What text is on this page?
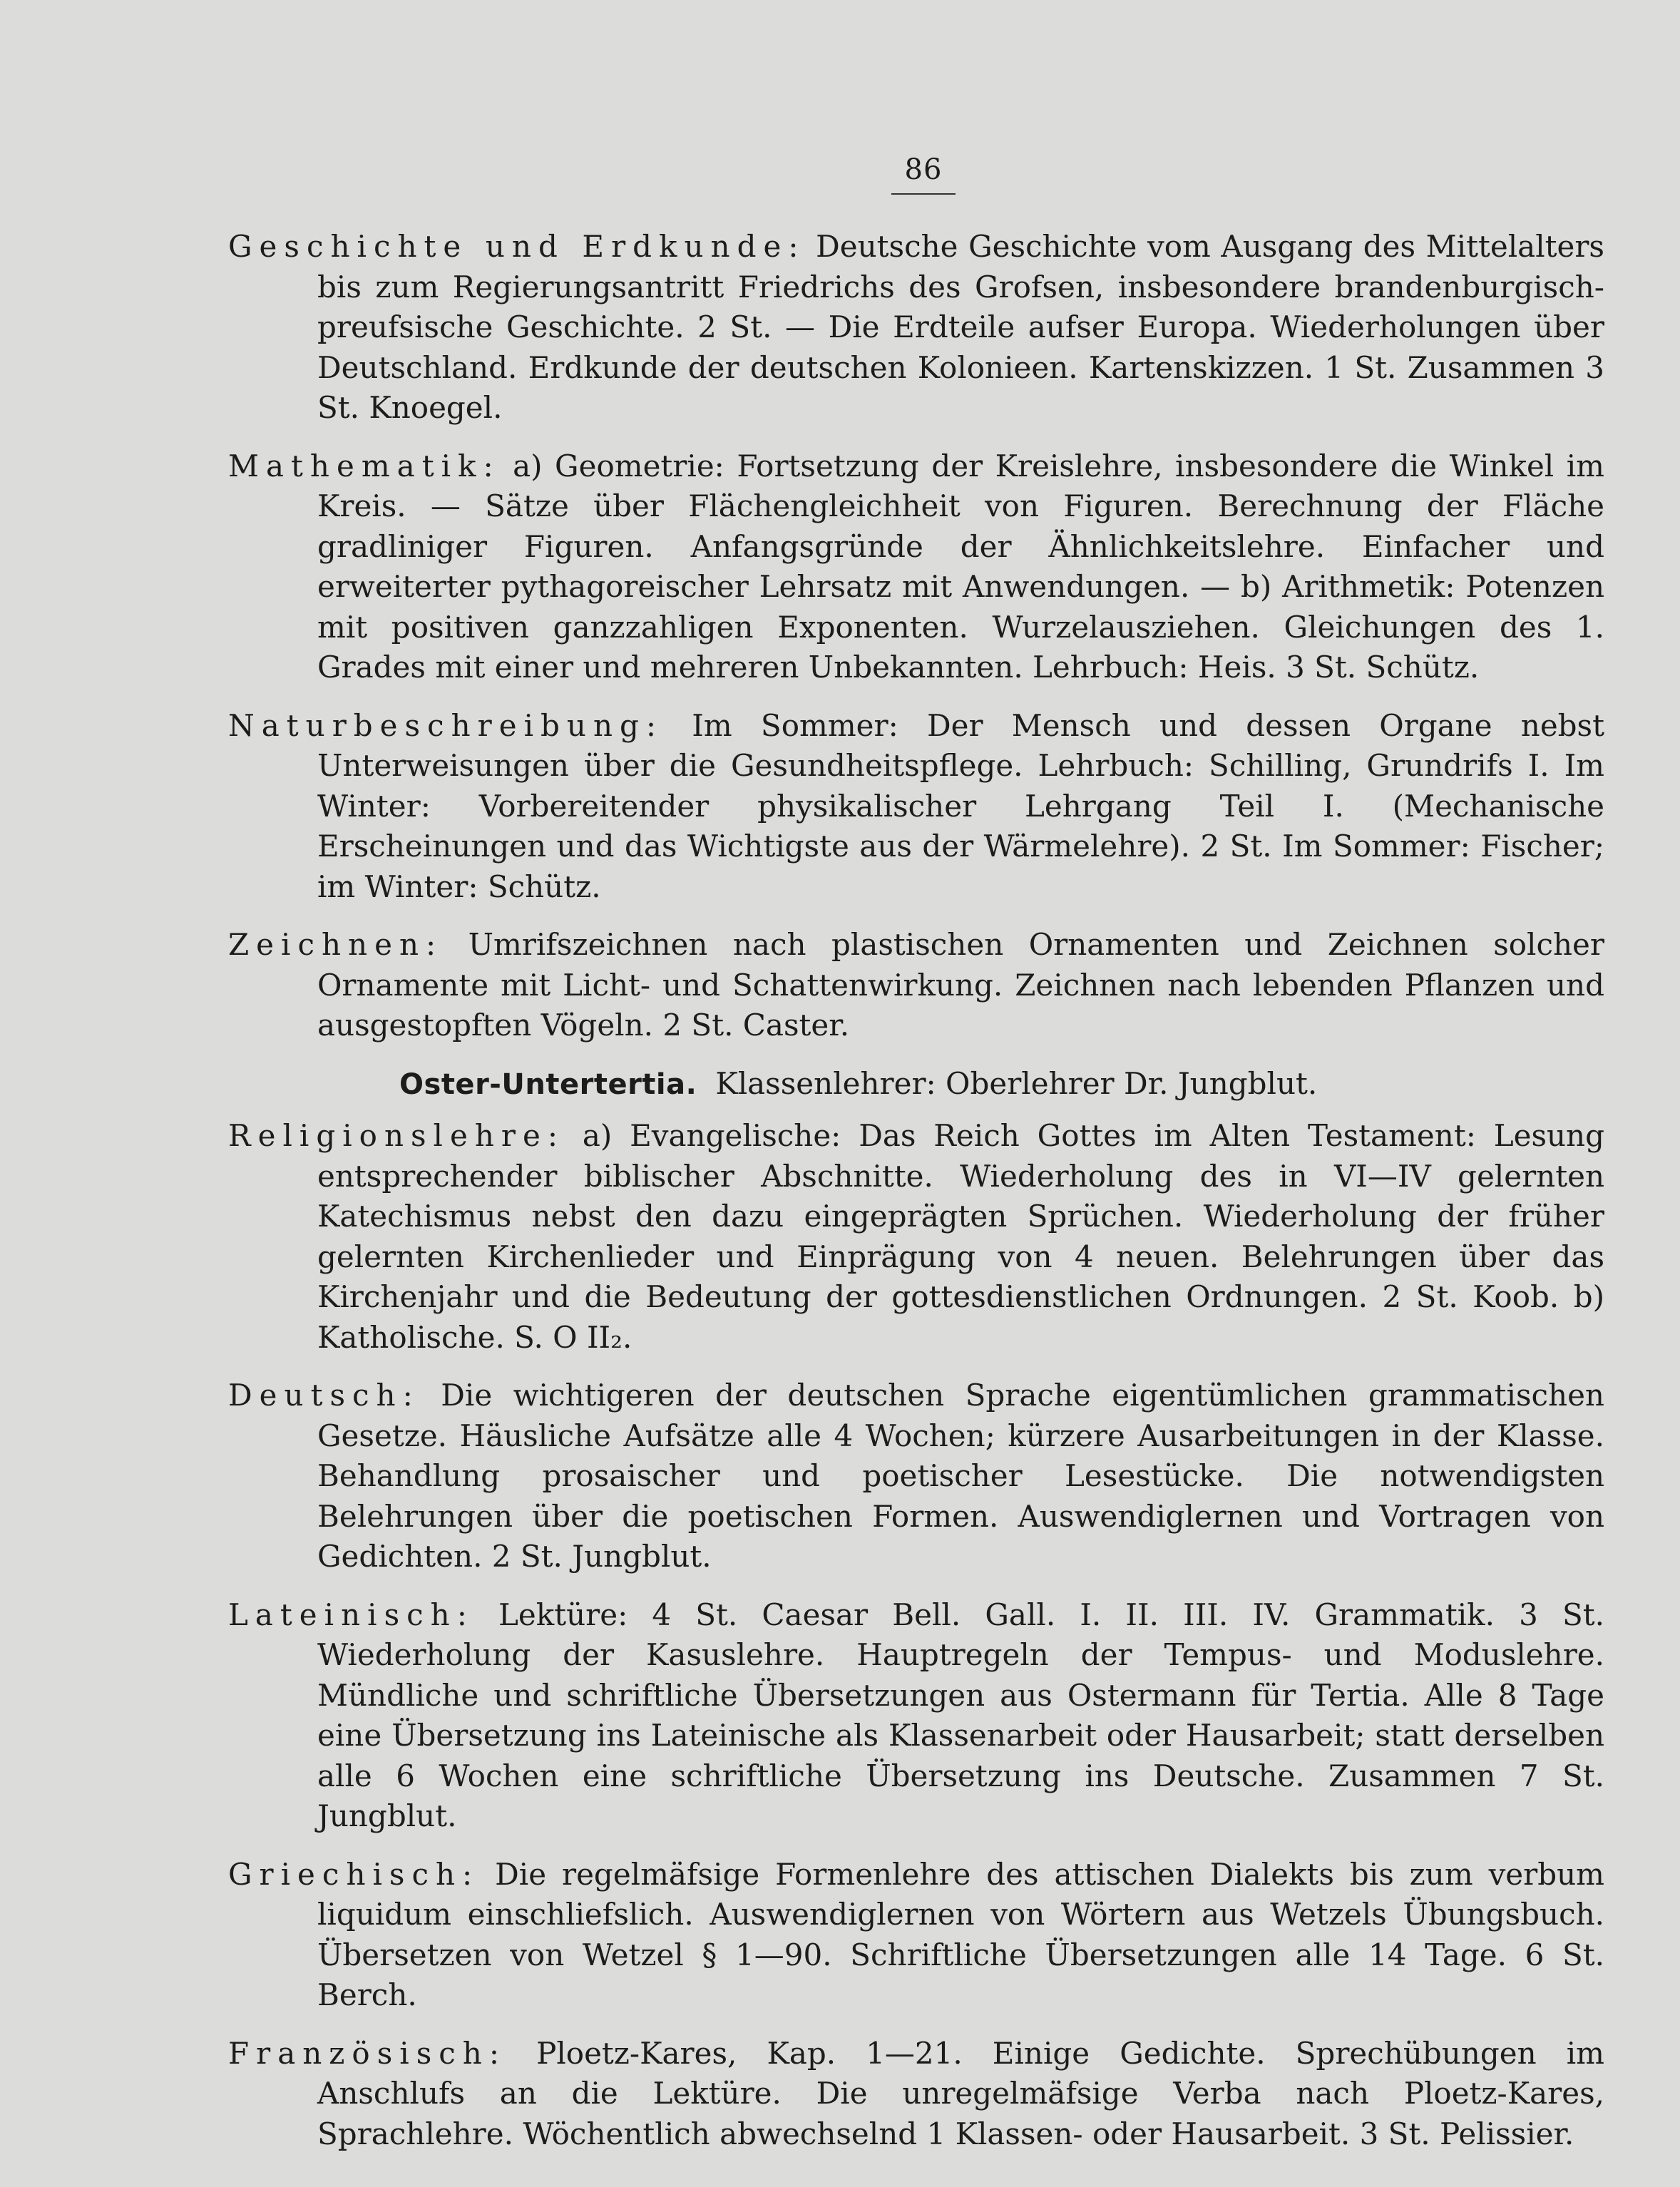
86

Geschichte und Erdkunde: Deutsche Geschichte vom Ausgang des Mittelalters bis zum Regierungsantritt Friedrichs des Grofsen, insbesondere brandenburgisch-preufsische Geschichte. 2 St. — Die Erdteile aufser Europa. Wiederholungen über Deutschland. Erdkunde der deutschen Kolonieen. Kartenskizzen. 1 St. Zusammen 3 St. Knoegel.

Mathematik: a) Geometrie: Fortsetzung der Kreislehre, insbesondere die Winkel im Kreis. — Sätze über Flächengleichheit von Figuren. Berechnung der Fläche gradliniger Figuren. Anfangsgründe der Ähnlichkeitslehre. Einfacher und erweiterter pythagoreischer Lehrsatz mit Anwendungen. — b) Arithmetik: Potenzen mit positiven ganzzahligen Exponenten. Wurzelausziehen. Gleichungen des 1. Grades mit einer und mehreren Unbekannten. Lehrbuch: Heis. 3 St. Schütz.

Naturbeschreibung: Im Sommer: Der Mensch und dessen Organe nebst Unterweisungen über die Gesundheitspflege. Lehrbuch: Schilling, Grundrifs I. Im Winter: Vorbereitender physikalischer Lehrgang Teil I. (Mechanische Erscheinungen und das Wichtigste aus der Wärmelehre). 2 St. Im Sommer: Fischer; im Winter: Schütz.

Zeichnen: Umrifszeichnen nach plastischen Ornamenten und Zeichnen solcher Ornamente mit Licht- und Schattenwirkung. Zeichnen nach lebenden Pflanzen und ausgestopften Vögeln. 2 St. Caster.

Oster-Untertertia. Klassenlehrer: Oberlehrer Dr. Jungblut.

Religionslehre: a) Evangelische: Das Reich Gottes im Alten Testament: Lesung entsprechender biblischer Abschnitte. Wiederholung des in VI—IV gelernten Katechismus nebst den dazu eingeprägten Sprüchen. Wiederholung der früher gelernten Kirchenlieder und Einprägung von 4 neuen. Belehrungen über das Kirchenjahr und die Bedeutung der gottesdienstlichen Ordnungen. 2 St. Koob. b) Katholische. S. O II₂.

Deutsch: Die wichtigeren der deutschen Sprache eigentümlichen grammatischen Gesetze. Häusliche Aufsätze alle 4 Wochen; kürzere Ausarbeitungen in der Klasse. Behandlung prosaischer und poetischer Lesestücke. Die notwendigsten Belehrungen über die poetischen Formen. Auswendiglernen und Vortragen von Gedichten. 2 St. Jungblut.

Lateinisch: Lektüre: 4 St. Caesar Bell. Gall. I. II. III. IV. Grammatik. 3 St. Wiederholung der Kasuslehre. Hauptregeln der Tempus- und Moduslehre. Mündliche und schriftliche Übersetzungen aus Ostermann für Tertia. Alle 8 Tage eine Übersetzung ins Lateinische als Klassenarbeit oder Hausarbeit; statt derselben alle 6 Wochen eine schriftliche Übersetzung ins Deutsche. Zusammen 7 St. Jungblut.

Griechisch: Die regelmäfsige Formenlehre des attischen Dialekts bis zum verbum liquidum einschliefslich. Auswendiglernen von Wörtern aus Wetzels Übungsbuch. Übersetzen von Wetzel § 1—90. Schriftliche Übersetzungen alle 14 Tage. 6 St. Berch.

Französisch: Ploetz-Kares, Kap. 1—21. Einige Gedichte. Sprechübungen im Anschlufs an die Lektüre. Die unregelmäfsige Verba nach Ploetz-Kares, Sprachlehre. Wöchentlich abwechselnd 1 Klassen- oder Hausarbeit. 3 St. Pelissier.
